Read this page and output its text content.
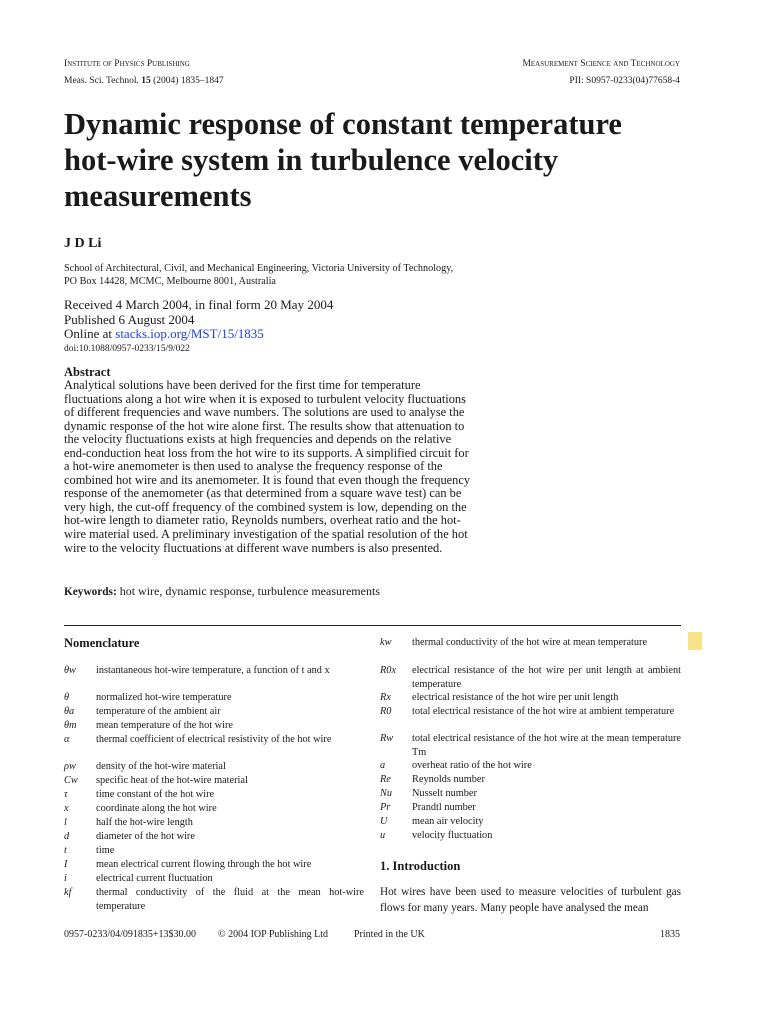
Institute of Physics Publishing	Measurement Science and Technology
Meas. Sci. Technol. 15 (2004) 1835–1847	PII: S0957-0233(04)77658-4
Dynamic response of constant temperature hot-wire system in turbulence velocity measurements
J D Li
School of Architectural, Civil, and Mechanical Engineering, Victoria University of Technology, PO Box 14428, MCMC, Melbourne 8001, Australia
Received 4 March 2004, in final form 20 May 2004
Published 6 August 2004
Online at stacks.iop.org/MST/15/1835
doi:10.1088/0957-0233/15/9/022
Abstract
Analytical solutions have been derived for the first time for temperature fluctuations along a hot wire when it is exposed to turbulent velocity fluctuations of different frequencies and wave numbers. The solutions are used to analyse the dynamic response of the hot wire alone first. The results show that attenuation to the velocity fluctuations exists at high frequencies and depends on the relative end-conduction heat loss from the hot wire to its supports. A simplified circuit for a hot-wire anemometer is then used to analyse the frequency response of the combined hot wire and its anemometer. It is found that even though the frequency response of the anemometer (as that determined from a square wave test) can be very high, the cut-off frequency of the combined system is low, depending on the hot-wire length to diameter ratio, Reynolds numbers, overheat ratio and the hot-wire material used. A preliminary investigation of the spatial resolution of the hot wire to the velocity fluctuations at different wave numbers is also presented.
Keywords: hot wire, dynamic response, turbulence measurements
Nomenclature
θw	instantaneous hot-wire temperature, a function of t and x
θ	normalized hot-wire temperature
θa	temperature of the ambient air
θm	mean temperature of the hot wire
α	thermal coefficient of electrical resistivity of the hot wire
ρw	density of the hot-wire material
Cw	specific heat of the hot-wire material
τ	time constant of the hot wire
x	coordinate along the hot wire
l	half the hot-wire length
d	diameter of the hot wire
t	time
I	mean electrical current flowing through the hot wire
i	electrical current fluctuation
kf	thermal conductivity of the fluid at the mean hot-wire temperature
kw	thermal conductivity of the hot wire at mean temperature
R0x	electrical resistance of the hot wire per unit length at ambient temperature
Rx	electrical resistance of the hot wire per unit length
R0	total electrical resistance of the hot wire at ambient temperature
Rw	total electrical resistance of the hot wire at the mean temperature Tm
a	overheat ratio of the hot wire
Re	Reynolds number
Nu	Nusselt number
Pr	Prandtl number
U	mean air velocity
u	velocity fluctuation
1. Introduction
Hot wires have been used to measure velocities of turbulent gas flows for many years. Many people have analysed the mean
0957-0233/04/091835+13$30.00 © 2004 IOP Publishing Ltd	Printed in the UK	1835
